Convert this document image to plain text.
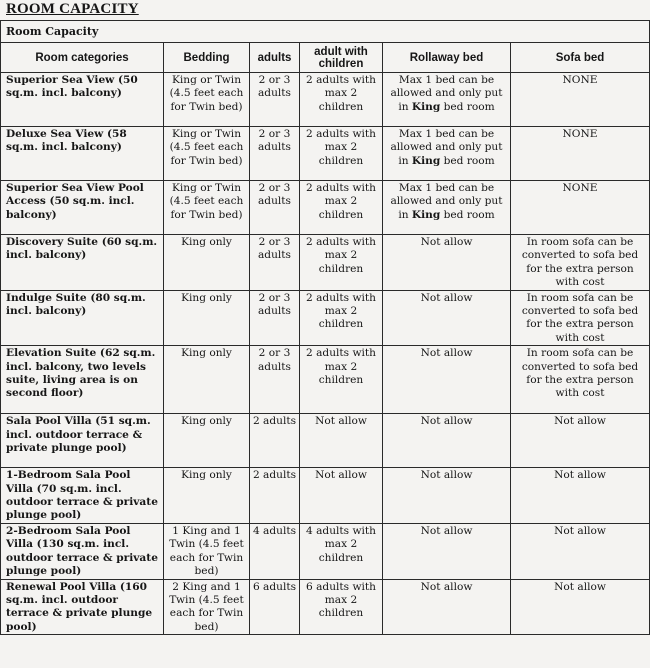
ROOM CAPACITY
Room Capacity					
Room categories	Bedding	adults	adult with children	Rollaway bed	Sofa bed
Superior Sea View (50 sq.m. incl. balcony)	King or Twin (4.5 feet each for Twin bed)	2 or 3 adults	2 adults with max 2 children	Max 1 bed can be allowed and only put in King bed room	NONE
Deluxe Sea View (58 sq.m. incl. balcony)	King or Twin (4.5 feet each for Twin bed)	2 or 3 adults	2 adults with max 2 children	Max 1 bed can be allowed and only put in King bed room	NONE
Superior Sea View Pool Access (50 sq.m. incl. balcony)	King or Twin (4.5 feet each for Twin bed)	2 or 3 adults	2 adults with max 2 children	Max 1 bed can be allowed and only put in King bed room	NONE
Discovery Suite (60 sq.m. incl. balcony)	King only	2 or 3 adults	2 adults with max 2 children	Not allow	In room sofa can be converted to sofa bed for the extra person with cost
Indulge Suite (80 sq.m. incl. balcony)	King only	2 or 3 adults	2 adults with max 2 children	Not allow	In room sofa can be converted to sofa bed for the extra person with cost
Elevation Suite (62 sq.m. incl. balcony, two levels suite, living area is on second floor)	King only	2 or 3 adults	2 adults with max 2 children	Not allow	In room sofa can be converted to sofa bed for the extra person with cost
Sala Pool Villa (51 sq.m. incl. outdoor terrace & private plunge pool)	King only	2 adults	Not allow	Not allow	Not allow
1-Bedroom Sala Pool Villa (70 sq.m. incl. outdoor terrace & private plunge pool)	King only	2 adults	Not allow	Not allow	Not allow
2-Bedroom Sala Pool Villa (130 sq.m. incl. outdoor terrace & private plunge pool)	1 King and 1 Twin (4.5 feet each for Twin bed)	4 adults	4 adults with max 2 children	Not allow	Not allow
Renewal Pool Villa (160 sq.m. incl. outdoor terrace & private plunge pool)	2 King and 1 Twin (4.5 feet each for Twin bed)	6 adults	6 adults with max 2 children	Not allow	Not allow
